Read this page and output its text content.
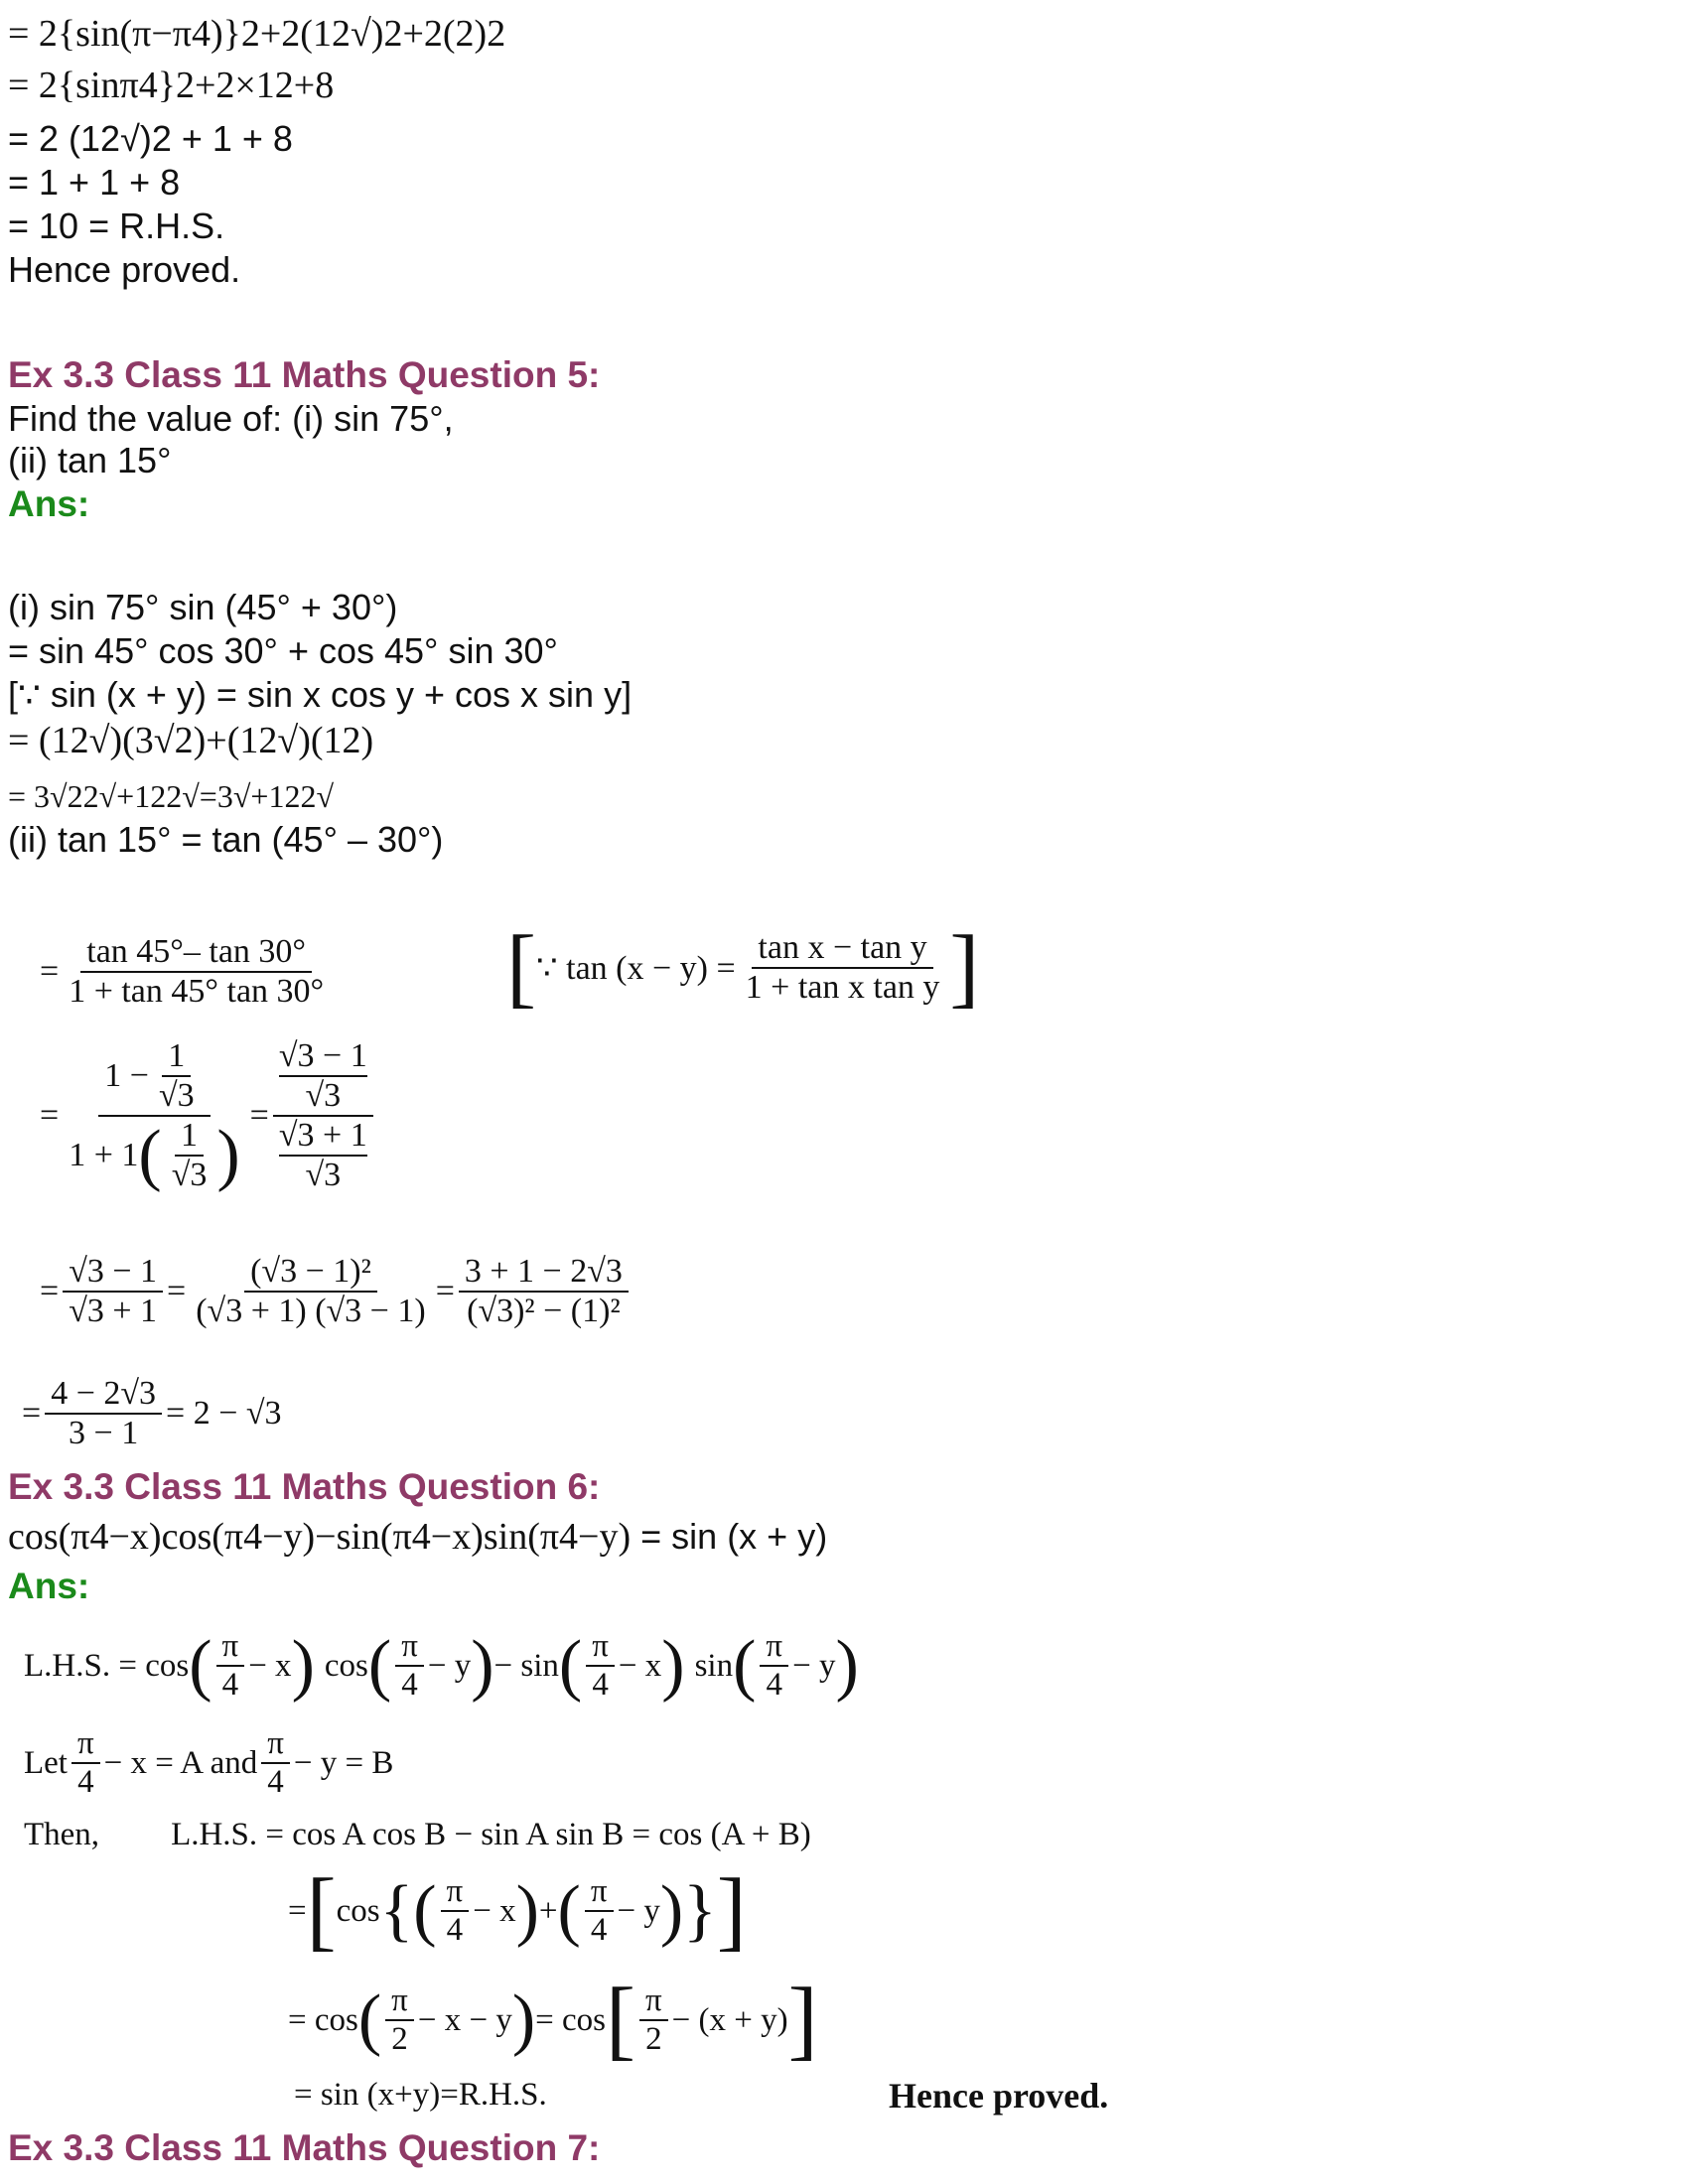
= 2{sin(π−π4)}2+2(12√)2+2(2)2
= 2{sinπ4}2+2×12+8
= 2 (12√)2 + 1 + 8
= 1 + 1 + 8
= 10 = R.H.S.
Hence proved.
Ex 3.3 Class 11 Maths Question 5:
Find the value of: (i) sin 75°,
(ii) tan 15°
Ans:
(i) sin 75° sin (45° + 30°)
= sin 45° cos 30° + cos 45° sin 30°
[∵ sin (x + y) = sin x cos y + cos x sin y]
= (12√)(3√2)+(12√)(12)
= 3√22√+122√=3√+122√
(ii) tan 15° = tan (45° – 30°)
= $\frac{\tan 45^\circ- \tan 30^\circ}{1 + \tan 45^\circ \tan 30^\circ}$ [ ∵ $\tan (x - y) = \frac{\text{tan x − tan y}}{\text{1 + tan x tan y}}$ ]
=
$1 - \frac{1}{√3}$
1 + 1 ( $\frac{1}{√3}$ )
= √3 − 1
√3
√3 + 1
√3
= $\frac{√3 - 1}{√3 + 1} = \frac{\text{(√3 − 1)²}}{(√3 + 1) (√3 - 1)} = \frac{3 + 1 - 2√3}{\text{(√3)² − (1)²}}$
= $\frac{4 - 2√3}{3 - 1} = 2 - √3$
Ex 3.3 Class 11 Maths Question 6:
cos(π4−x)cos(π4−y)−sin(π4−x)sin(π4−y) = sin (x + y)
Ans:
L.H.S. = cos ( $\frac{\pi}{4} - x$ ) cos ( $\frac{\pi}{4} - y$ ) − sin ( $\frac{\pi}{4} - x$ ) sin ( $\frac{\pi}{4} - y$ )
Let $\frac{\pi}{4} - x = A$ and $\frac{\pi}{4} - y = B$
Then, L.H.S. = cos A cos B − sin A sin B = cos (A + B)
= [ cos {( $\frac{\pi}{4} - x$ ) + ( $\frac{\pi}{4} - y$ )} ]
= cos ( $\frac{\pi}{2} - x - y$ ) = cos [ $\frac{\pi}{2} - (x + y)$ ]
= sin (x+y)=R.H.S.	Hence proved.
Ex 3.3 Class 11 Maths Question 7:
